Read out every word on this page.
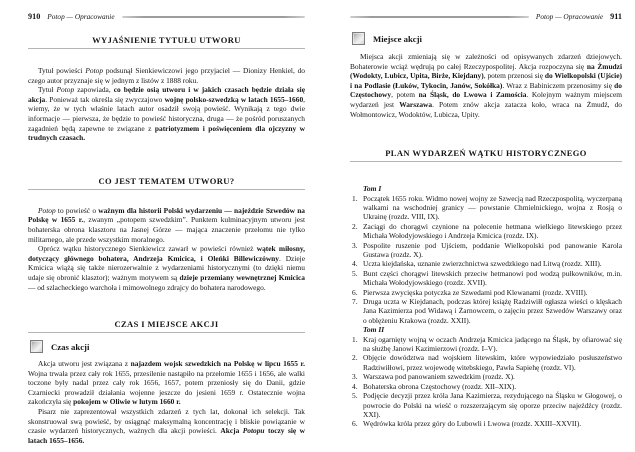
910 Potop — Opracowanie
WYJAŚNIENIE TYTUŁU UTWORU

Tytuł powieści Potop podsunął Sienkiewiczowi jego przyjaciel — Dionizy Henkiel, do czego autor przyznaje się w jednym z listów z 1888 roku.

Tytuł Potop zapowiada, co będzie osią utworu i w jakich czasach będzie działa się akcja. Ponieważ tak określa się zwyczajowo wojnę polsko-szwedzką w latach 1655–1660, wiemy, że w tych właśnie latach autor osadził swoją powieść. Wynikają z tego dwie informacje — pierwsza, że będzie to powieść historyczna, druga — że pośród poruszanych zagadnień będą zapewne te związane z patriotyzmem i poświęceniem dla ojczyzny w trudnych czasach.

CO JEST TEMATEM UTWORU?

Potop to powieść o ważnym dla historii Polski wydarzeniu — najeździe Szwedów na Polskę w 1655 r., zwanym „potopem szwedzkim”. Punktem kulminacyjnym utworu jest bohaterska obrona klasztoru na Jasnej Górze — mająca znaczenie przełomu nie tylko militarnego, ale przede wszystkim moralnego.

Oprócz wątku historycznego Sienkiewicz zawarł w powieści również wątek miłosny, dotyczący głównego bohatera, Andrzeja Kmicica, i Oleńki Billewiczówny. Dzieje Kmicica wiążą się także nierozerwalnie z wydarzeniami historycznymi (to dzięki niemu udaje się obronić klasztor); ważnym motywem są dzieje przemiany wewnętrznej Kmicica — od szlacheckiego warchoła i mimowolnego zdrajcy do bohatera narodowego.

CZAS I MIEJSCE AKCJI
Czas akcji

Akcja utworu jest związana z najazdem wojsk szwedzkich na Polskę w lipcu 1655 r. Wojna trwała przez cały rok 1655, przesilenie nastąpiło na przełomie 1655 i 1656, ale walki toczone były nadal przez cały rok 1656, 1657, potem przeniosły się do Danii, gdzie Czarniecki prowadził działania wojenne jeszcze do jesieni 1659 r. Ostatecznie wojna zakończyła się pokojem w Oliwie w lutym 1660 r.

Pisarz nie zaprezentował wszystkich zdarzeń z tych lat, dokonał ich selekcji. Tak skonstruował swą powieść, by osiągnąć maksymalną koncentrację i bliskie powiązanie w czasie wydarzeń historycznych, ważnych dla akcji powieści. Akcja Potopu toczy się w latach 1655–1656.

Potop — Opracowanie 911
Miejsce akcji

Miejsca akcji zmieniają się w zależności od opisywanych zdarzeń dziejowych. Bohaterowie wciąż wędrują po całej Rzeczypospolitej. Akcja rozpoczyna się na Żmudzi (Wodokty, Lubicz, Upita, Birże, Kiejdany), potem przenosi się do Wielkopolski (Ujście) i na Podlasie (Łuków, Tykocin, Janów, Sokółka). Wraz z Babiniczem przenosimy się do Częstochowy, potem na Śląsk, do Lwowa i Zamościa. Kolejnym ważnym miejscem wydarzeń jest Warszawa. Potem znów akcja zatacza koło, wraca na Żmudź, do Wołmontowicz, Wodoktów, Lubicza, Upity.

PLAN WYDARZEŃ WĄTKU HISTORYCZNEGO
Tom I
Początek 1655 roku. Widmo nowej wojny ze Szwecją nad Rzeczpospolitą, wyczerpaną walkami na wschodniej granicy — powstanie Chmielnickiego, wojna z Rosją o Ukrainę (rozdz. VIII, IX).
Zaciągi do chorągwi czynione na polecenie hetmana wielkiego litewskiego przez Michała Wołodyjowskiego i Andrzeja Kmicica (rozdz. IX).
Pospolite ruszenie pod Ujściem, poddanie Wielkopolski pod panowanie Karola Gustawa (rozdz. X).
Uczta kiejdańska, uznanie zwierzchnictwa szwedzkiego nad Litwą (rozdz. XIII).
Bunt części chorągwi litewskich przeciw hetmanowi pod wodzą pułkowników, m.in. Michała Wołodyjowskiego (rozdz. XVII).
Pierwsza zwycięska potyczka ze Szwedami pod Klewanami (rozdz. XVIII).
Druga uczta w Kiejdanach, podczas której książę Radziwiłł ogłasza wieści o klęskach Jana Kazimierza pod Widawą i Żarnowcem, o zajęciu przez Szwedów Warszawy oraz o oblężeniu Krakowa (rozdz. XXII).
Tom II
Kraj ogarnięty wojną w oczach Andrzeja Kmicica jadącego na Śląsk, by ofiarować się na służbę Janowi Kazimierzowi (rozdz. I–V).
Objęcie dowództwa nad wojskiem litewskim, które wypowiedziało posłuszeństwo Radziwiłłowi, przez wojewodę witebskiego, Pawła Sapiehę (rozdz. VI).
Warszawa pod panowaniem szwedzkim (rozdz. X).
Bohaterska obrona Częstochowy (rozdz. XII–XIX).
Podjęcie decyzji przez króla Jana Kazimierza, rezydującego na Śląsku w Głogowej, o powrocie do Polski na wieść o rozszerzającym się oporze przeciw najeźdźcy (rozdz. XXI).
Wędrówka króla przez góry do Lubowli i Lwowa (rozdz. XXIII–XXVII).
